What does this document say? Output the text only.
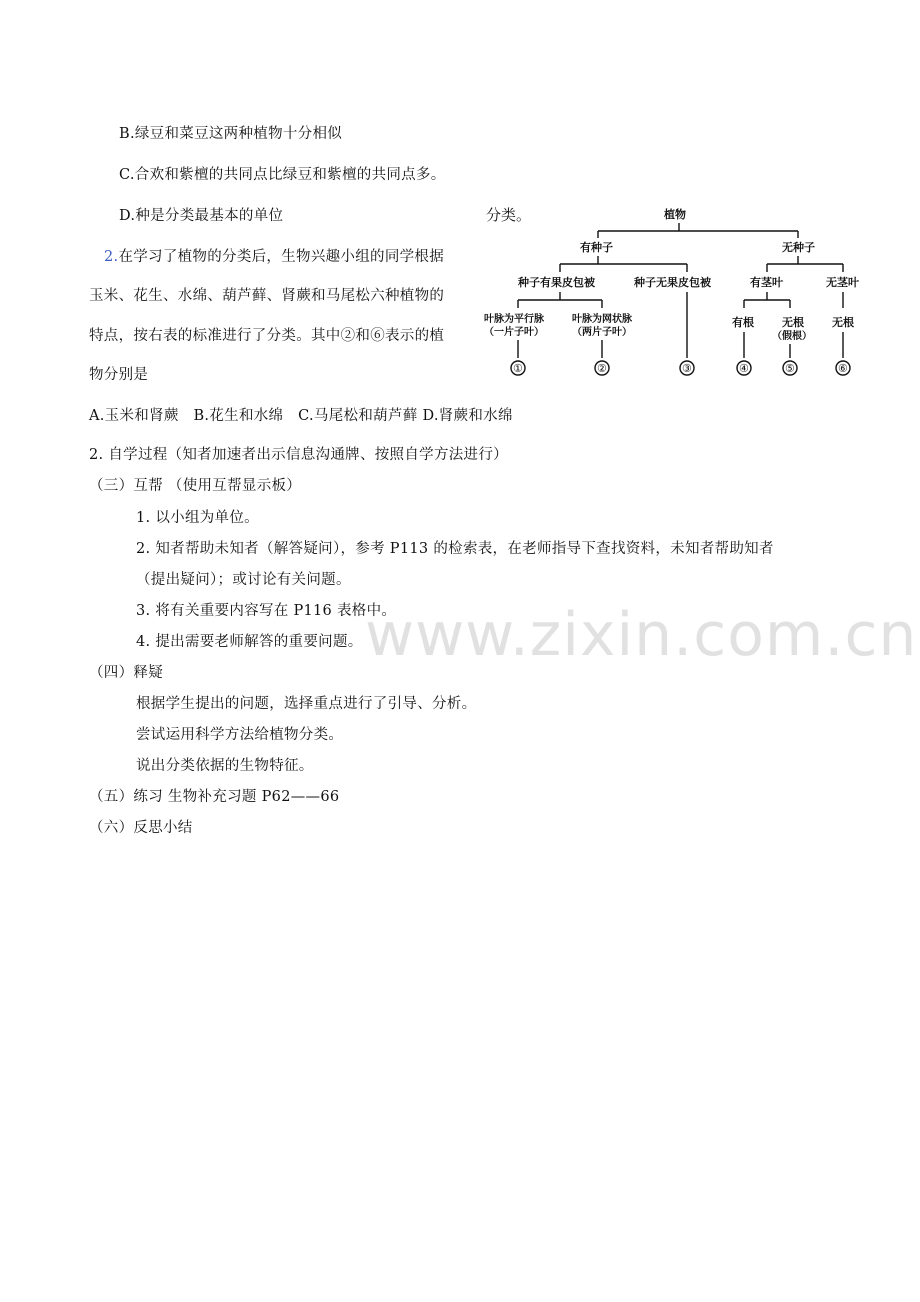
www.zixin.com.cn
B.绿豆和菜豆这两种植物十分相似
C.合欢和紫檀的共同点比绿豆和紫檀的共同点多。
D.种是分类最基本的单位
2.在学习了植物的分类后，生物兴趣小组的同学根据
玉米、花生、水绵、葫芦藓、肾蕨和马尾松六种植物的
特点，按右表的标准进行了分类。其中②和⑥表示的植
物分别是
A.玉米和肾蕨　B.花生和水绵　C.马尾松和葫芦藓 D.肾蕨和水绵
分类。	植物
有种子	无种子
种子有果皮包被	种子无果皮包被	有茎叶	无茎叶
叶脉为平行脉
（一片子叶）
叶脉为网状脉
（两片子叶）
有根	无根
（假根）
无根
①	②	③	④	⑤	⑥
2. 自学过程（知者加速者出示信息沟通牌、按照自学方法进行）
（三）互帮 （使用互帮显示板）
1. 以小组为单位。
2. 知者帮助未知者（解答疑问），参考 P113 的检索表，在老师指导下查找资料，未知者帮助知者
（提出疑问）；或讨论有关问题。
3. 将有关重要内容写在 P116 表格中。
4. 提出需要老师解答的重要问题。
（四）释疑
根据学生提出的问题，选择重点进行了引导、分析。
尝试运用科学方法给植物分类。
说出分类依据的生物特征。
（五）练习 生物补充习题 P62——66
（六）反思小结
